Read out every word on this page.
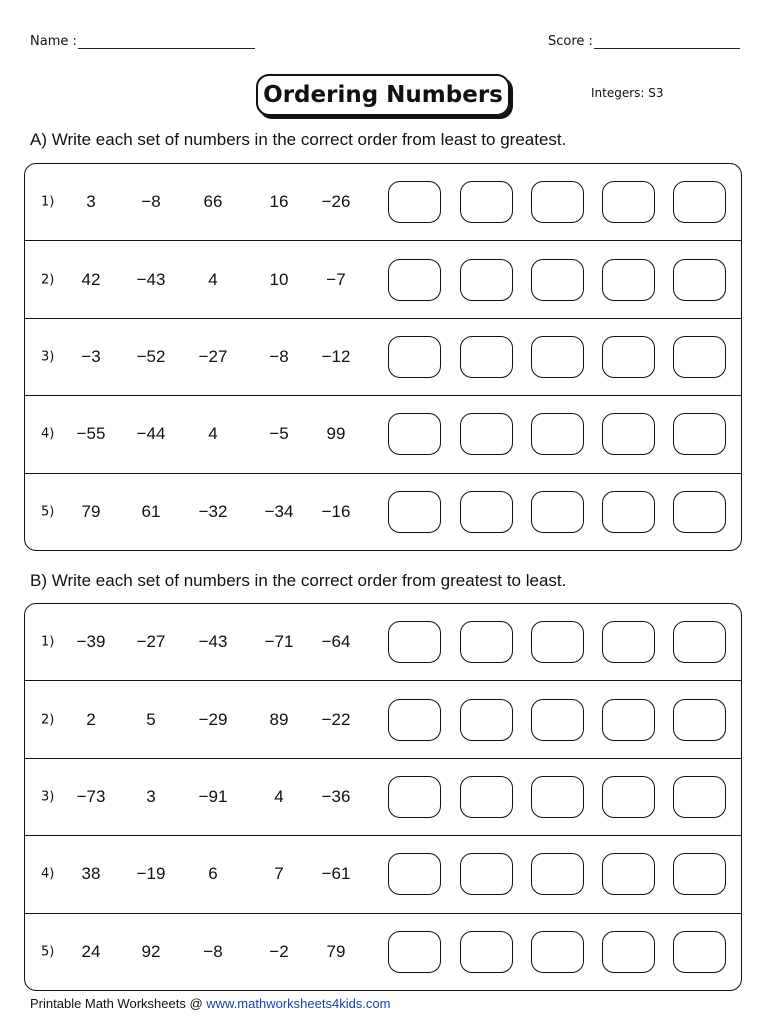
Name :	Score :
Ordering Numbers	Integers: S3
A) Write each set of numbers in the correct order from least to greatest.
1) 3	−8	66	16 −26
2) 42 −43	4	10 −7
3) −3 −52 −27 −8 −12
4) −55 −44	4	−5 99
5) 79 61 −32 −34 −16
B) Write each set of numbers in the correct order from greatest to least.
1) −39 −27 −43 −71 −64
2) 2	5	−29 89 −22
3) −73 3	−91	4 −36
4) 38 −19	6	7 −61
5) 24 92	−8	−2 79
Printable Math Worksheets @ www.mathworksheets4kids.com
